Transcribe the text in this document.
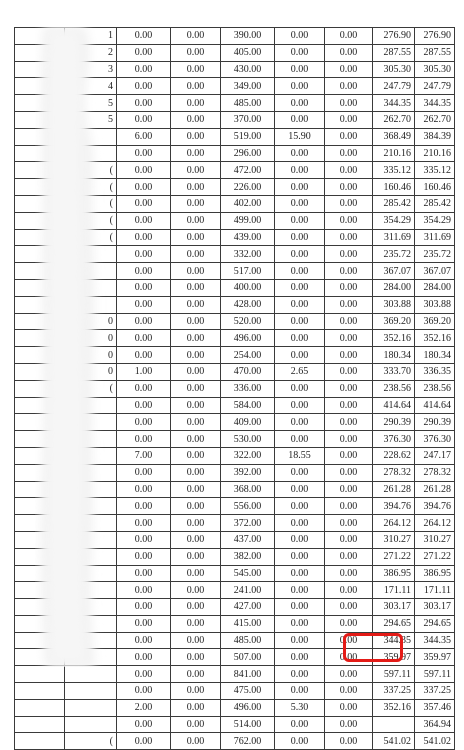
	1	0.00	0.00	390.00	0.00	0.00	276.90	276.90
	2	0.00	0.00	405.00	0.00	0.00	287.55	287.55
	3	0.00	0.00	430.00	0.00	0.00	305.30	305.30
	4	0.00	0.00	349.00	0.00	0.00	247.79	247.79
	5	0.00	0.00	485.00	0.00	0.00	344.35	344.35
	5	0.00	0.00	370.00	0.00	0.00	262.70	262.70
		6.00	0.00	519.00	15.90	0.00	368.49	384.39
		0.00	0.00	296.00	0.00	0.00	210.16	210.16
	(	0.00	0.00	472.00	0.00	0.00	335.12	335.12
	(	0.00	0.00	226.00	0.00	0.00	160.46	160.46
	(	0.00	0.00	402.00	0.00	0.00	285.42	285.42
	(	0.00	0.00	499.00	0.00	0.00	354.29	354.29
	(	0.00	0.00	439.00	0.00	0.00	311.69	311.69
		0.00	0.00	332.00	0.00	0.00	235.72	235.72
		0.00	0.00	517.00	0.00	0.00	367.07	367.07
		0.00	0.00	400.00	0.00	0.00	284.00	284.00
		0.00	0.00	428.00	0.00	0.00	303.88	303.88
	0	0.00	0.00	520.00	0.00	0.00	369.20	369.20
	0	0.00	0.00	496.00	0.00	0.00	352.16	352.16
	0	0.00	0.00	254.00	0.00	0.00	180.34	180.34
	0	1.00	0.00	470.00	2.65	0.00	333.70	336.35
	(	0.00	0.00	336.00	0.00	0.00	238.56	238.56
		0.00	0.00	584.00	0.00	0.00	414.64	414.64
		0.00	0.00	409.00	0.00	0.00	290.39	290.39
		0.00	0.00	530.00	0.00	0.00	376.30	376.30
		7.00	0.00	322.00	18.55	0.00	228.62	247.17
		0.00	0.00	392.00	0.00	0.00	278.32	278.32
		0.00	0.00	368.00	0.00	0.00	261.28	261.28
		0.00	0.00	556.00	0.00	0.00	394.76	394.76
		0.00	0.00	372.00	0.00	0.00	264.12	264.12
		0.00	0.00	437.00	0.00	0.00	310.27	310.27
		0.00	0.00	382.00	0.00	0.00	271.22	271.22
		0.00	0.00	545.00	0.00	0.00	386.95	386.95
		0.00	0.00	241.00	0.00	0.00	171.11	171.11
		0.00	0.00	427.00	0.00	0.00	303.17	303.17
		0.00	0.00	415.00	0.00	0.00	294.65	294.65
		0.00	0.00	485.00	0.00	0.00	344.35	344.35
		0.00	0.00	507.00	0.00	0.00	359.97	359.97
		0.00	0.00	841.00	0.00	0.00	597.11	597.11
		0.00	0.00	475.00	0.00	0.00	337.25	337.25
		2.00	0.00	496.00	5.30	0.00	352.16	357.46
		0.00	0.00	514.00	0.00	0.00		364.94
	(	0.00	0.00	762.00	0.00	0.00	541.02	541.02
